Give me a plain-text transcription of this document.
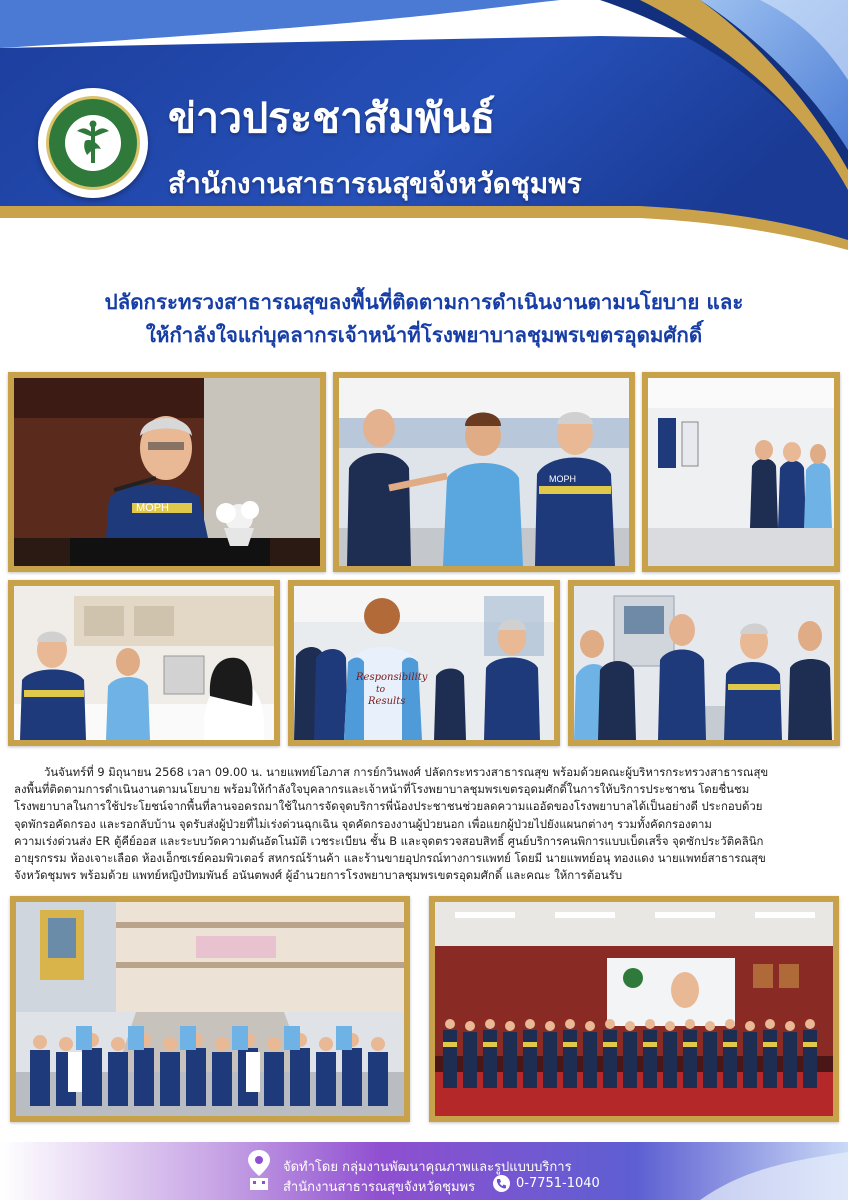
ข่าวประชาสัมพันธ์
สำนักงานสาธารณสุขจังหวัดชุมพร
ปลัดกระทรวงสาธารณสุขลงพื้นที่ติดตามการดำเนินงานตามนโยบาย และ
ให้กำลังใจแก่บุคลากรเจ้าหน้าที่โรงพยาบาลชุมพรเขตรอุดมศักดิ์
MOPH
MOPH
Responsibility
to
Results
วันจันทร์ที่ 9 มิถุนายน 2568 เวลา 09.00 น. นายแพทย์โอภาส การย์กวินพงศ์ ปลัดกระทรวงสาธารณสุข พร้อมด้วยคณะผู้บริหารกระทรวงสาธารณสุข
ลงพื้นที่ติดตามการดำเนินงานตามนโยบาย พร้อมให้กำลังใจบุคลากรและเจ้าหน้าที่โรงพยาบาลชุมพรเขตรอุดมศักดิ์ในการให้บริการประชาชน โดยชื่นชม
โรงพยาบาลในการใช้ประโยชน์จากพื้นที่ลานจอดรถมาใช้ในการจัดจุดบริการพี่น้องประชาชนช่วยลดความแออัดของโรงพยาบาลได้เป็นอย่างดี ประกอบด้วย
จุดพักรอคัดกรอง และรอกลับบ้าน จุดรับส่งผู้ป่วยที่ไม่เร่งด่วนฉุกเฉิน จุดคัดกรองงานผู้ป่วยนอก เพื่อแยกผู้ป่วยไปยังแผนกต่างๆ รวมทั้งคัดกรองตาม
ความเร่งด่วนส่ง ER ตู้คีย์ออส และระบบวัดความดันอัตโนมัติ เวชระเบียน ชั้น B และจุดตรวจสอบสิทธิ์ ศูนย์บริการคนพิการแบบเบ็ดเสร็จ จุดซักประวัติคลินิก
อายุรกรรม ห้องเจาะเลือด ห้องเอ็กซเรย์คอมพิวเตอร์ สหกรณ์ร้านค้า และร้านขายอุปกรณ์ทางการแพทย์ โดยมี นายแพทย์อนุ ทองแดง นายแพทย์สาธารณสุข
จังหวัดชุมพร พร้อมด้วย แพทย์หญิงปัทมพันธ์ อนันตพงศ์ ผู้อำนวยการโรงพยาบาลชุมพรเขตรอุดมศักดิ์ และคณะ ให้การต้อนรับ
จัดทำโดย กลุ่มงานพัฒนาคุณภาพและรูปแบบบริการ
สำนักงานสาธารณสุขจังหวัดชุมพร	0-7751-1040
